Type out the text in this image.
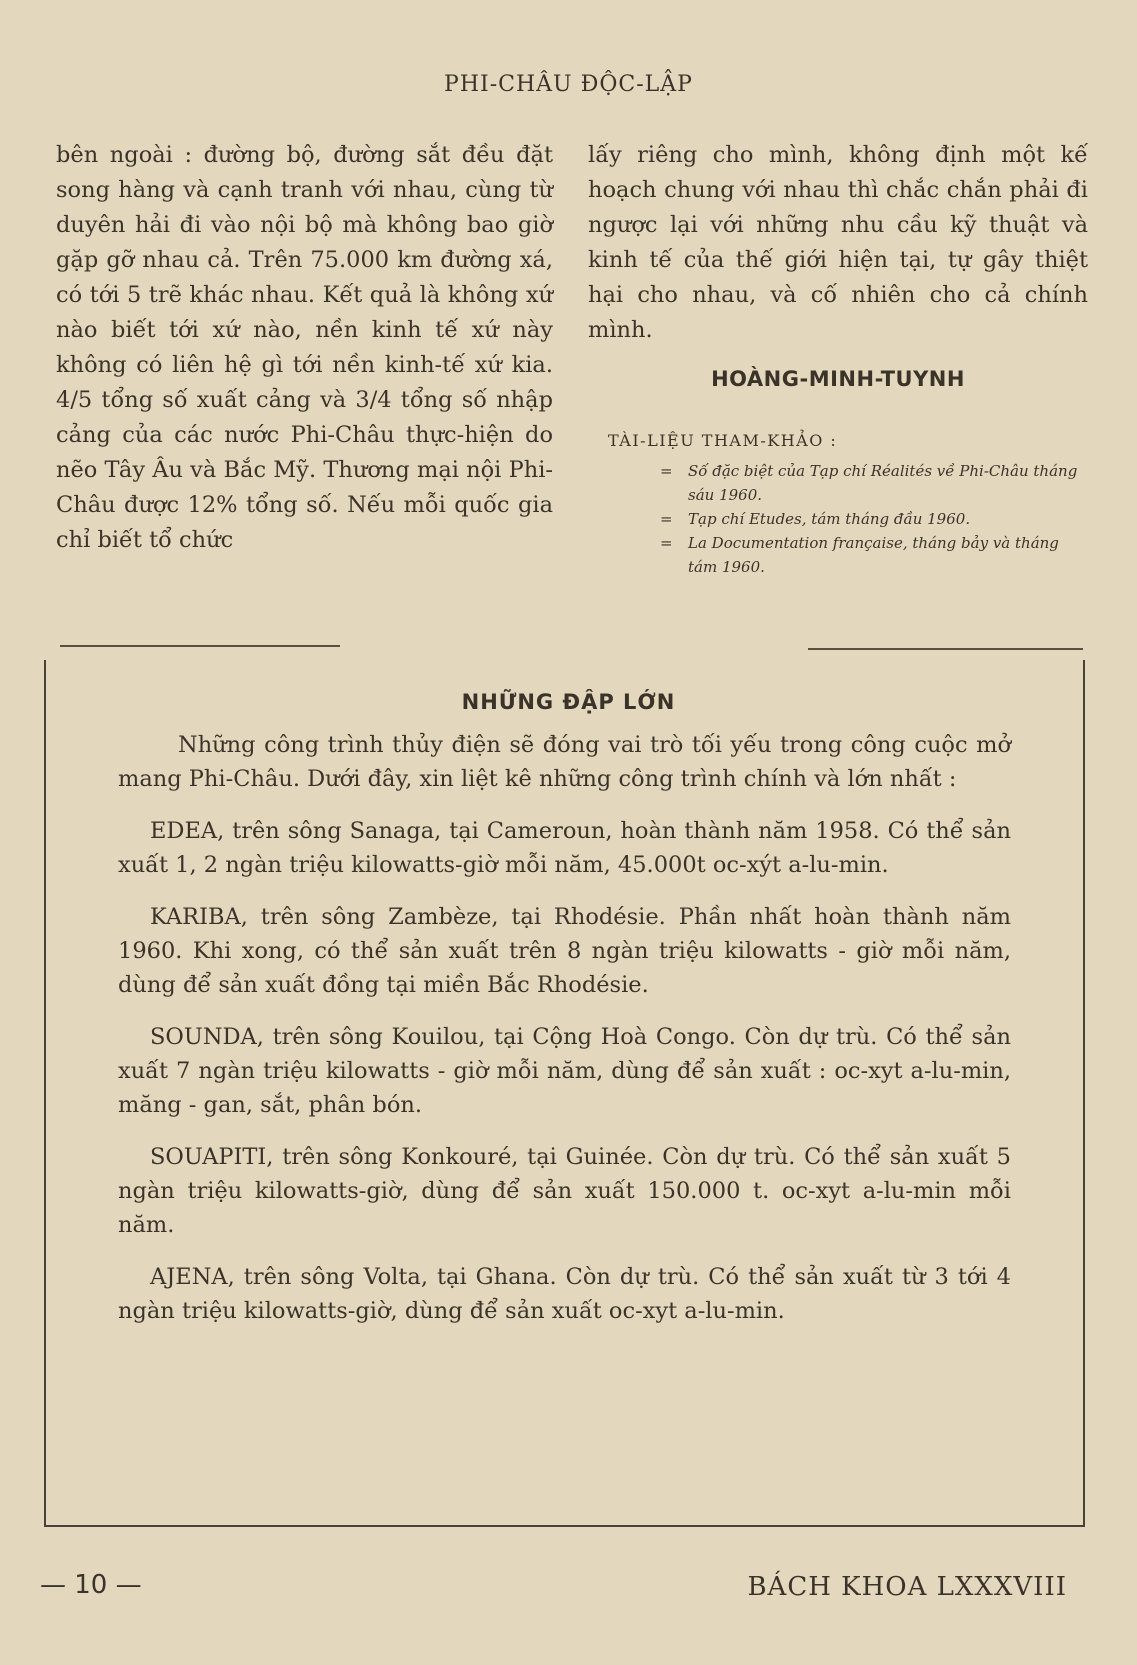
PHI-CHÂU ĐỘC-LẬP

bên ngoài : đường bộ, đường sắt đều đặt song hàng và cạnh tranh với nhau, cùng từ duyên hải đi vào nội bộ mà không bao giờ gặp gỡ nhau cả. Trên 75.000 km đường xá, có tới 5 trẽ khác nhau. Kết quả là không xứ nào biết tới xứ nào, nền kinh tế xứ này không có liên hệ gì tới nền kinh-tế xứ kia. 4/5 tổng số xuất cảng và 3/4 tổng số nhập cảng của các nước Phi-Châu thực-hiện do nẽo Tây Âu và Bắc Mỹ. Thương mại nội Phi-Châu được 12% tổng số. Nếu mỗi quốc gia chỉ biết tổ chức

lấy riêng cho mình, không định một kế hoạch chung với nhau thì chắc chắn phải đi ngược lại với những nhu cầu kỹ thuật và kinh tế của thế giới hiện tại, tự gây thiệt hại cho nhau, và cố nhiên cho cả chính mình.

HOÀNG-MINH-TUYNH
TÀI-LIỆU THAM-KHẢO :
=	Số đặc biệt của Tạp chí Réalités về Phi-Châu tháng sáu 1960.
=	Tạp chí Etudes, tám tháng đầu 1960.
=	La Documentation française, tháng bảy và tháng tám 1960.
NHỮNG ĐẬP LỚN

Những công trình thủy điện sẽ đóng vai trò tối yếu trong công cuộc mở mang Phi-Châu. Dưới đây, xin liệt kê những công trình chính và lớn nhất :

EDEA, trên sông Sanaga, tại Cameroun, hoàn thành năm 1958. Có thể sản xuất 1, 2 ngàn triệu kilowatts-giờ mỗi năm, 45.000t oc-xýt a-lu-min.

KARIBA, trên sông Zambèze, tại Rhodésie. Phần nhất hoàn thành năm 1960. Khi xong, có thể sản xuất trên 8 ngàn triệu kilowatts - giờ mỗi năm, dùng để sản xuất đồng tại miền Bắc Rhodésie.

SOUNDA, trên sông Kouilou, tại Cộng Hoà Congo. Còn dự trù. Có thể sản xuất 7 ngàn triệu kilowatts - giờ mỗi năm, dùng để sản xuất : oc-xyt a-lu-min, măng - gan, sắt, phân bón.

SOUAPITI, trên sông Konkouré, tại Guinée. Còn dự trù. Có thể sản xuất 5 ngàn triệu kilowatts-giờ, dùng để sản xuất 150.000 t. oc-xyt a-lu-min mỗi năm.

AJENA, trên sông Volta, tại Ghana. Còn dự trù. Có thể sản xuất từ 3 tới 4 ngàn triệu kilowatts-giờ, dùng để sản xuất oc-xyt a-lu-min.

— 10 —	BÁCH KHOA LXXXVIII
